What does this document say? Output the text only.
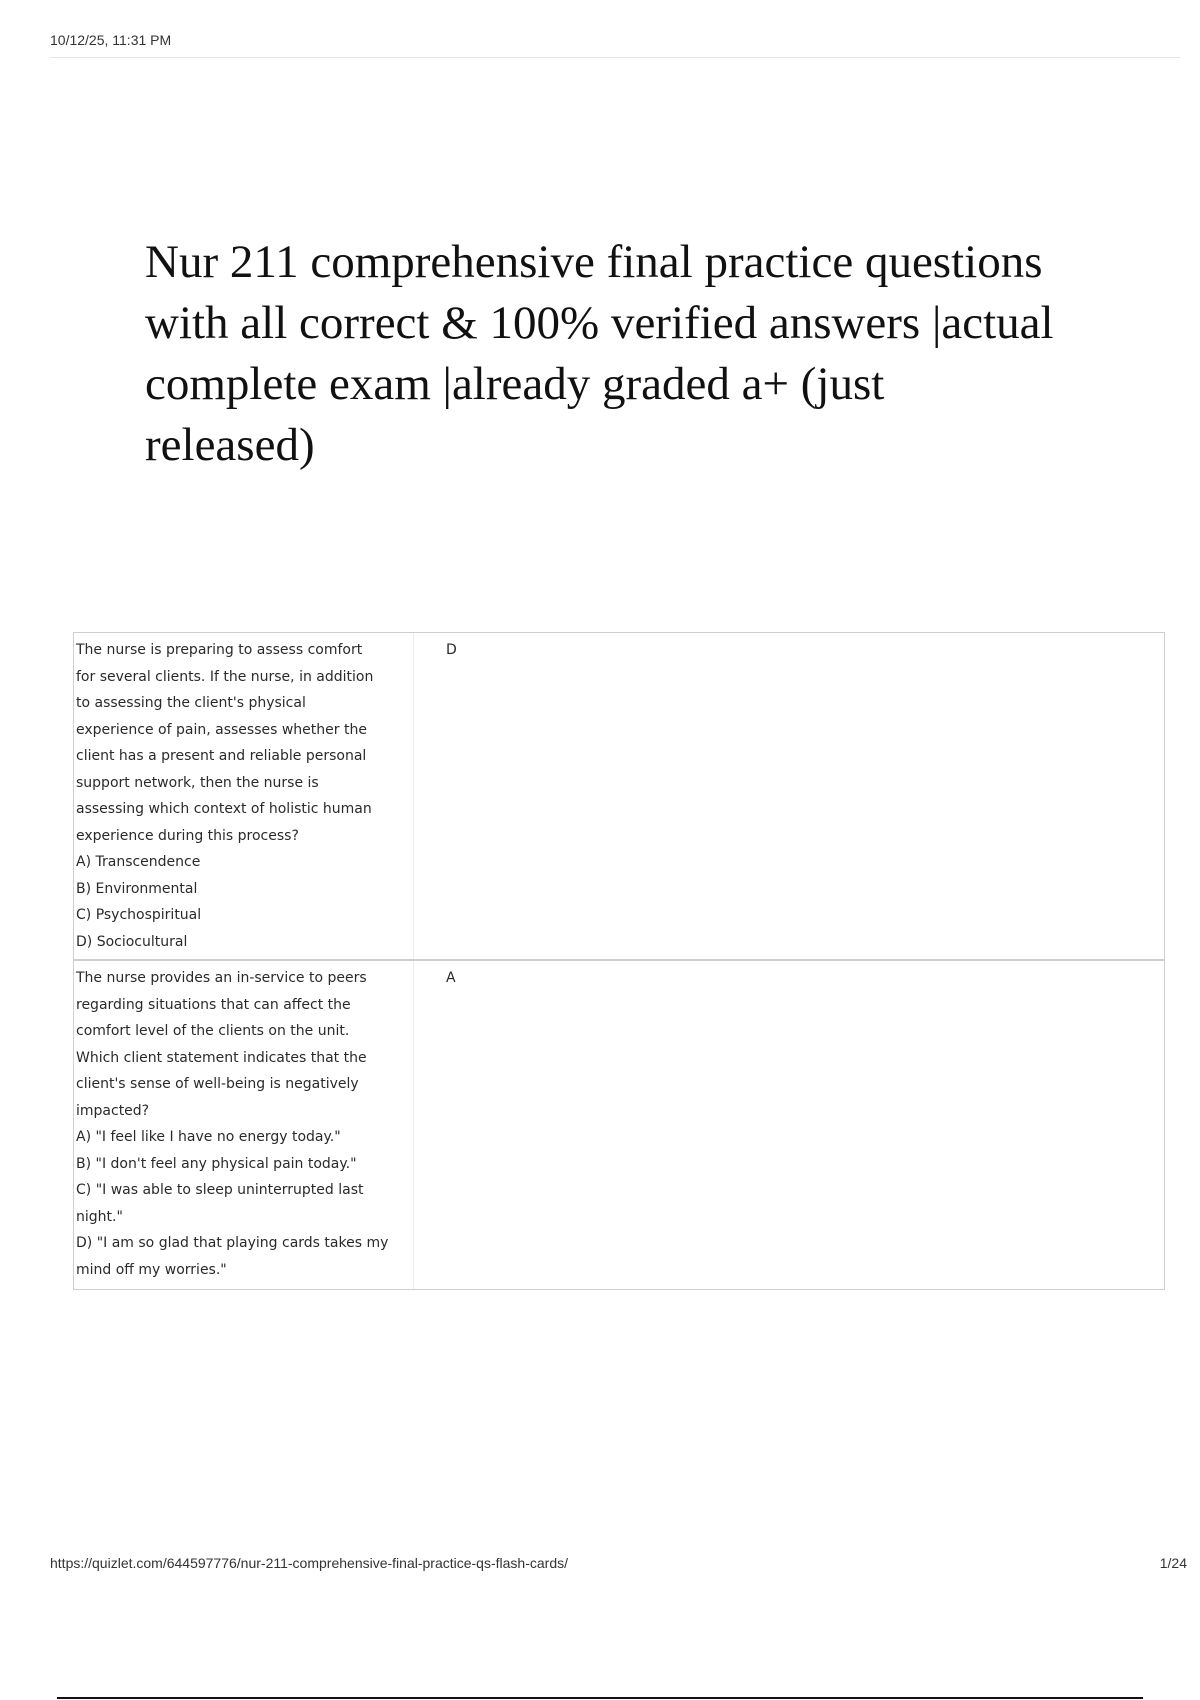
10/12/25, 11:31 PM
Nur 211 comprehensive final practice questions with all correct & 100% verified answers |actual complete exam |already graded a+ (just released)

The nurse is preparing to assess comfort

for several clients. If the nurse, in addition

to assessing the client's physical

experience of pain, assesses whether the

client has a present and reliable personal

support network, then the nurse is

assessing which context of holistic human

experience during this process?

A) Transcendence

B) Environmental

C) Psychospiritual

D) Sociocultural

D

The nurse provides an in-service to peers

regarding situations that can affect the

comfort level of the clients on the unit.

Which client statement indicates that the

client's sense of well-being is negatively

impacted?

A) "I feel like I have no energy today."

B) "I don't feel any physical pain today."

C) "I was able to sleep uninterrupted last

night."

D) "I am so glad that playing cards takes my

mind off my worries."

A
https://quizlet.com/644597776/nur-211-comprehensive-final-practice-qs-flash-cards/	1/24
